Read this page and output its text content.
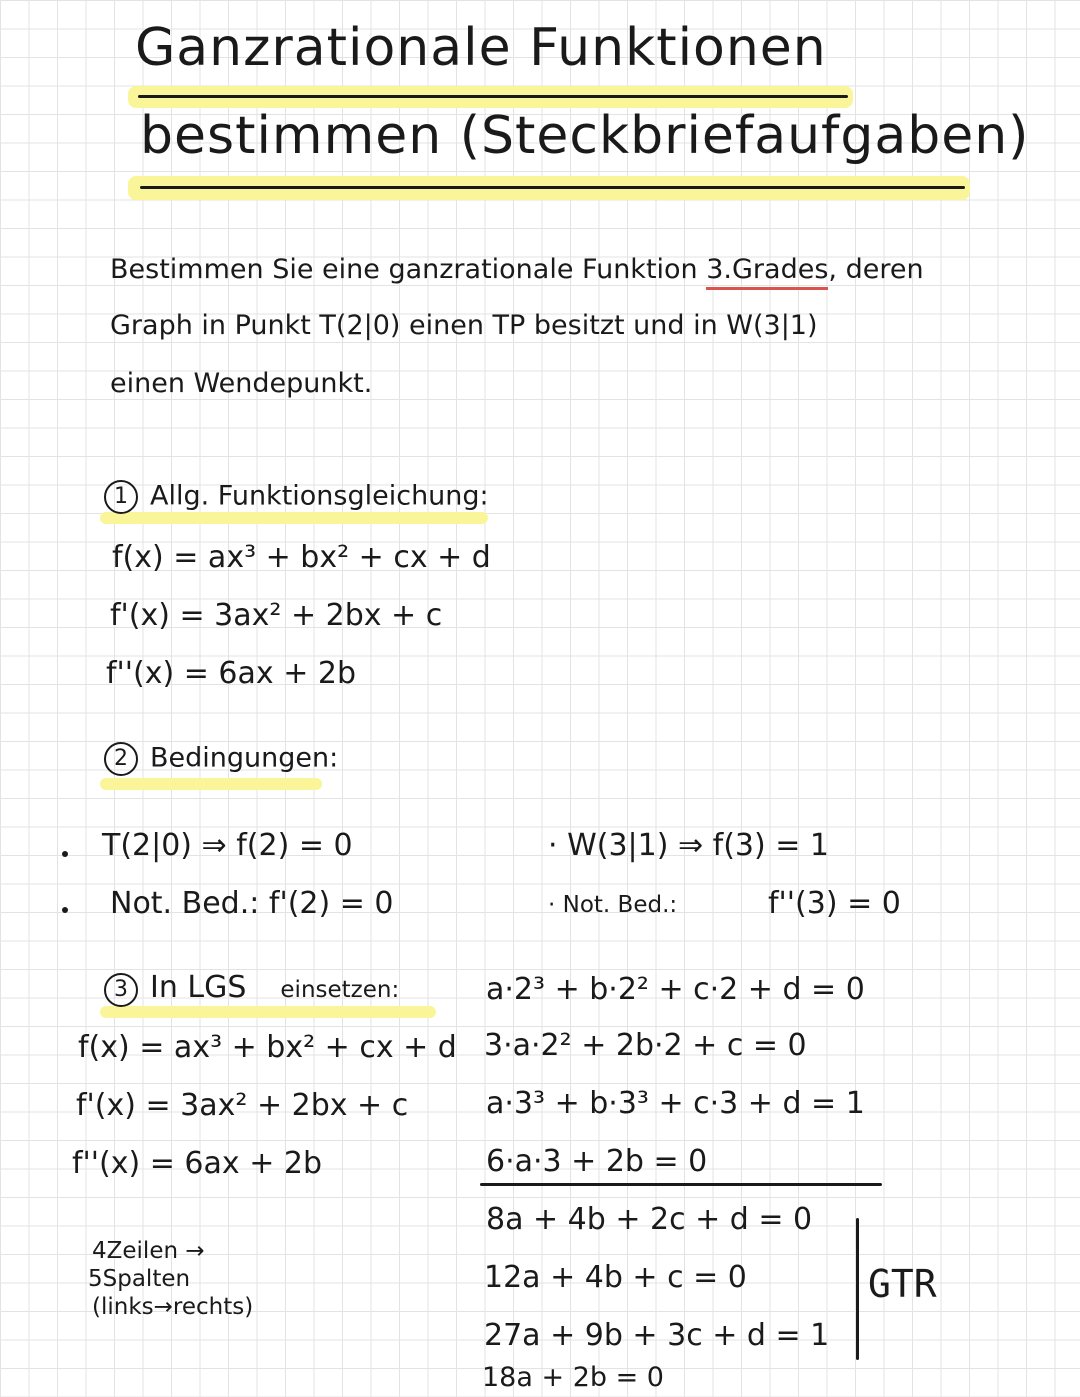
Ganzrationale Funktionen
bestimmen (Steckbriefaufgaben)
Bestimmen Sie eine ganzrationale Funktion 3.Grades, deren
Graph in Punkt T(2|0) einen TP besitzt und in W(3|1)
einen Wendepunkt.
1 Allg. Funktionsgleichung:
f(x) = ax³ + bx² + cx + d
f'(x) = 3ax² + 2bx + c
f''(x) = 6ax + 2b
2 Bedingungen:
T(2|0) ⇒ f(2) = 0
Not. Bed.: f'(2) = 0
· W(3|1) ⇒ f(3) = 1
· Not. Bed.:	f''(3) = 0
3 In LGS einsetzen:
f(x) = ax³ + bx² + cx + d
f'(x) = 3ax² + 2bx + c
f''(x) = 6ax + 2b
4Zeilen →
5Spalten
(links→rechts)
a·2³ + b·2² + c·2 + d = 0
3·a·2² + 2b·2 + c = 0
a·3³ + b·3³ + c·3 + d = 1
6·a·3 + 2b = 0
8a + 4b + 2c + d = 0
12a + 4b + c = 0
27a + 9b + 3c + d = 1
18a + 2b = 0
GTR
